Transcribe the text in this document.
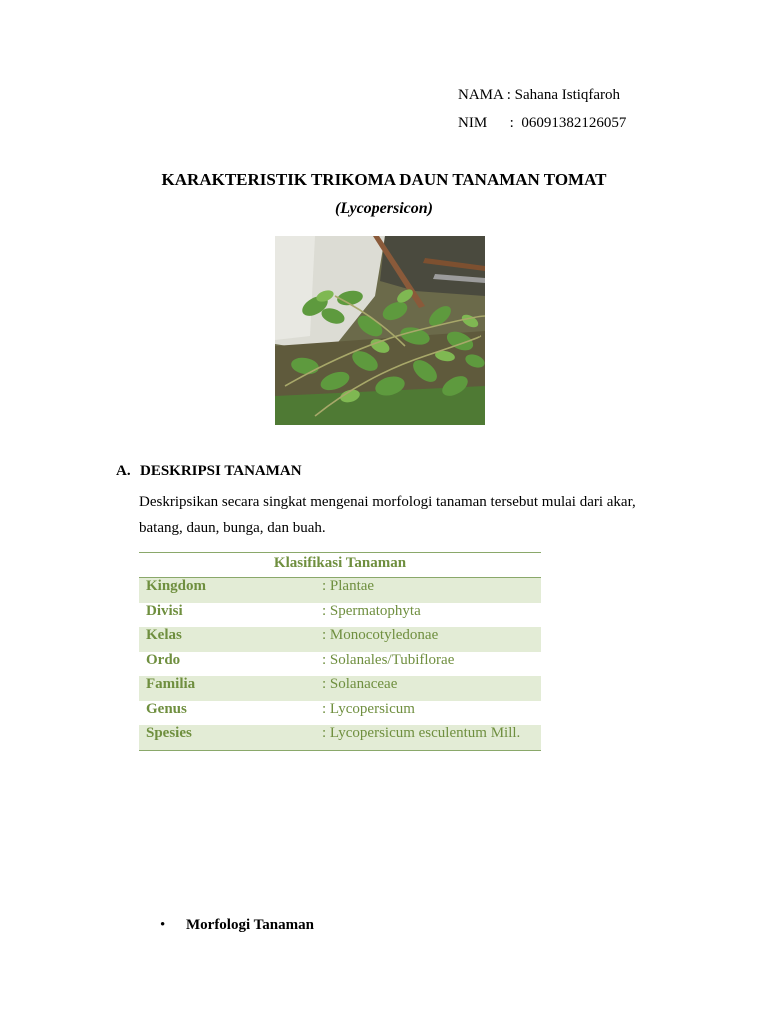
NAMA : Sahana Istiqfaroh
NIM      :  06091382126057
KARAKTERISTIK TRIKOMA DAUN TANAMAN TOMAT
(Lycopersicon)
A. DESKRIPSI TANAMAN
Deskripsikan secara singkat mengenai morfologi tanaman tersebut mulai dari akar,
batang, daun, bunga, dan buah.
Klasifikasi Tanaman
Kingdom	: Plantae
Divisi	: Spermatophyta
Kelas	: Monocotyledonae
Ordo	: Solanales/Tubiflorae
Familia	: Solanaceae
Genus	: Lycopersicum
Spesies	: Lycopersicum esculentum Mill.
• Morfologi Tanaman
